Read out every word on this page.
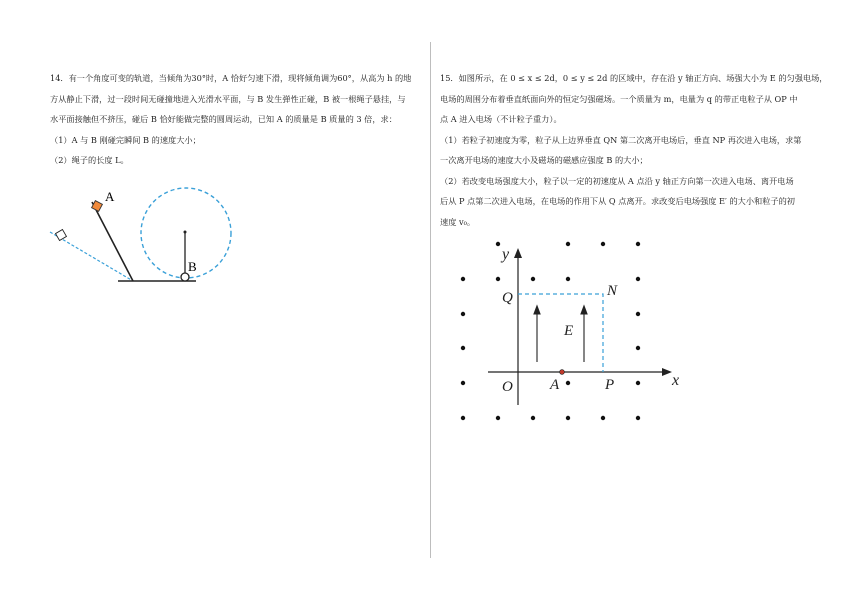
14．有一个角度可变的轨道，当倾角为30°时，A 恰好匀速下滑，现将倾角调为60°，从高为 h 的地

方从静止下滑，过一段时间无碰撞地进入光滑水平面，与 B 发生弹性正碰，B 被一根绳子悬挂，与

水平面接触但不挤压，碰后 B 恰好能做完整的圆周运动，已知 A 的质量是 B 质量的 3 倍，求：

（1）A 与 B 刚碰完瞬间 B 的速度大小；

（2）绳子的长度 L。

A
B

15．如图所示，在 0 ≤ x ≤ 2d，0 ≤ y ≤ 2d 的区域中，存在沿 y 轴正方向、场强大小为 E 的匀强电场，

电场的周围分布着垂直纸面向外的恒定匀强磁场。一个质量为 m，电量为 q 的带正电粒子从 OP 中

点 A 进入电场（不计粒子重力）。

（1）若粒子初速度为零，粒子从上边界垂直 QN 第二次离开电场后，垂直 NP 再次进入电场，求第

一次离开电场的速度大小及磁场的磁感应强度 B 的大小；

（2）若改变电场强度大小，粒子以一定的初速度从 A 点沿 y 轴正方向第一次进入电场、离开电场

后从 P 点第二次进入电场，在电场的作用下从 Q 点离开。求改变后电场强度 E′ 的大小和粒子的初

速度 v₀。

y
x
O
Q	N
E
A	P
